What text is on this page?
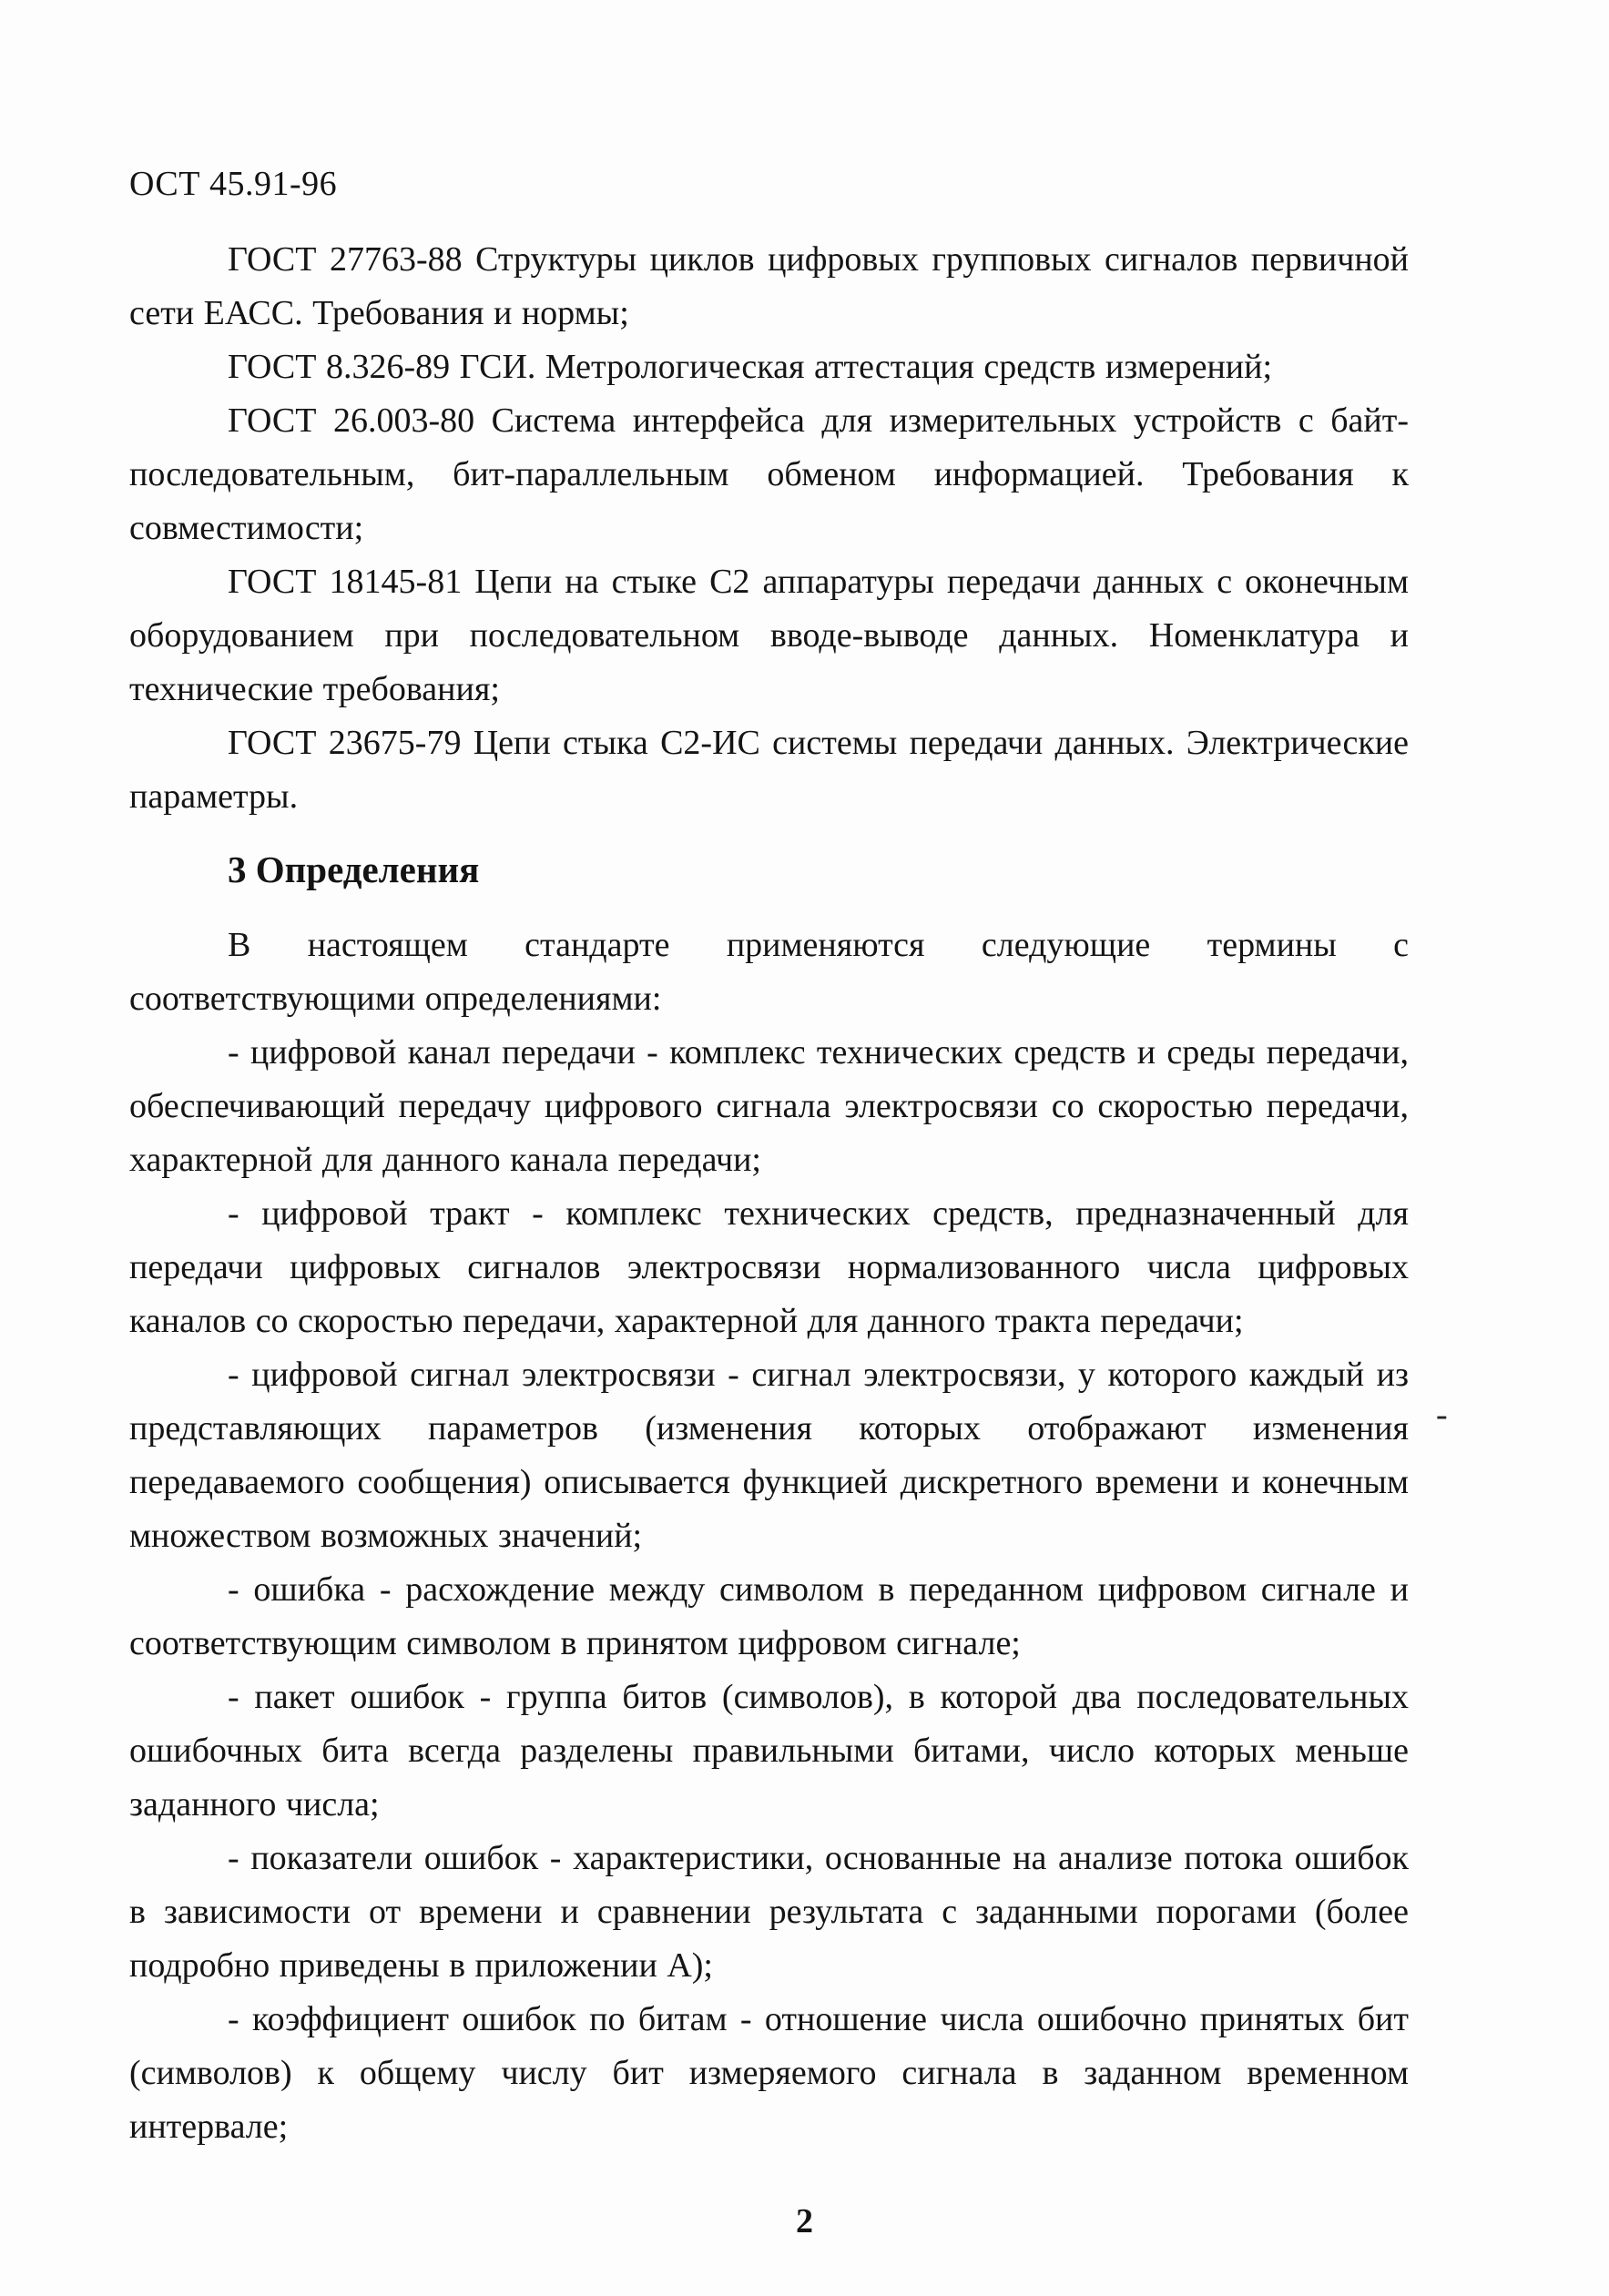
ОСТ 45.91-96

ГОСТ 27763-88 Структуры циклов цифровых групповых сигналов первичной сети ЕАСС. Требования и нормы;

ГОСТ 8.326-89 ГСИ. Метрологическая аттестация средств измерений;

ГОСТ 26.003-80 Система интерфейса для измерительных устройств с байт-последовательным, бит-параллельным обменом информацией. Требования к совместимости;

ГОСТ 18145-81 Цепи на стыке С2 аппаратуры передачи данных с оконечным оборудованием при последовательном вводе-выводе данных. Номенклатура и технические требования;

ГОСТ 23675-79 Цепи стыка С2-ИС системы передачи данных. Электрические параметры.

3 Определения

В настоящем стандарте применяются следующие термины с соответствующими определениями:

- цифровой канал передачи - комплекс технических средств и среды передачи, обеспечивающий передачу цифрового сигнала электросвязи со скоростью передачи, характерной для данного канала передачи;

- цифровой тракт - комплекс технических средств, предназначенный для передачи цифровых сигналов электросвязи нормализованного числа цифровых каналов со скоростью передачи, характерной для данного тракта передачи;

- цифровой сигнал электросвязи - сигнал электросвязи, у которого каждый из представляющих параметров (изменения которых отображают изменения передаваемого сообщения) описывается функцией дискретного времени и конечным множеством возможных значений;

- ошибка - расхождение между символом в переданном цифровом сигнале и соответствующим символом в принятом цифровом сигнале;

- пакет ошибок - группа битов (символов), в которой два последовательных ошибочных бита всегда разделены правильными битами, число которых меньше заданного числа;

- показатели ошибок - характеристики, основанные на анализе потока ошибок в зависимости от времени и сравнении результата с заданными порогами (более подробно приведены в приложении А);

- коэффициент ошибок по битам - отношение числа ошибочно принятых бит (символов) к общему числу бит измеряемого сигнала в заданном временном интервале;

-
2
